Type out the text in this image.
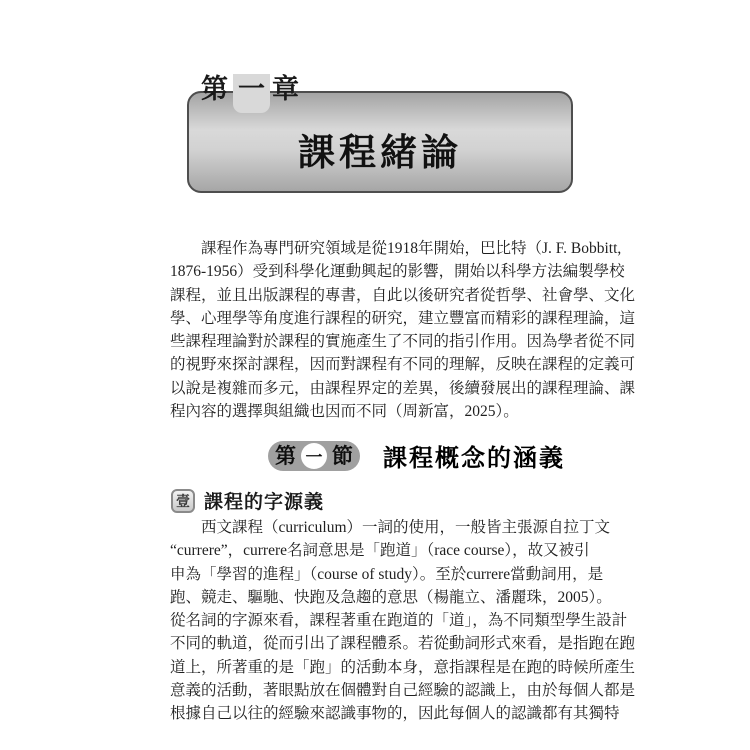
第 一 章
課程緒論
　　課程作為專門研究領域是從1918年開始，巴比特（J. F. Bobbitt,
1876-1956）受到科學化運動興起的影響，開始以科學方法編製學校
課程，並且出版課程的專書，自此以後研究者從哲學、社會學、文化
學、心理學等角度進行課程的研究，建立豐富而精彩的課程理論，這
些課程理論對於課程的實施產生了不同的指引作用。因為學者從不同
的視野來探討課程，因而對課程有不同的理解，反映在課程的定義可
以說是複雜而多元，由課程界定的差異，後續發展出的課程理論、課
程內容的選擇與組織也因而不同（周新富，2025）。
第 一 節 課程概念的涵義
壹 課程的字源義
　　西文課程（curriculum）一詞的使用，一般皆主張源自拉丁文
“currere”，currere名詞意思是「跑道」（race course），故又被引
申為「學習的進程」（course of study）。至於currere當動詞用，是
跑、競走、驅馳、快跑及急趨的意思（楊龍立、潘麗珠，2005）。
從名詞的字源來看，課程著重在跑道的「道」，為不同類型學生設計
不同的軌道，從而引出了課程體系。若從動詞形式來看，是指跑在跑
道上，所著重的是「跑」的活動本身，意指課程是在跑的時候所產生
意義的活動，著眼點放在個體對自己經驗的認識上，由於每個人都是
根據自己以往的經驗來認識事物的，因此每個人的認識都有其獨特
